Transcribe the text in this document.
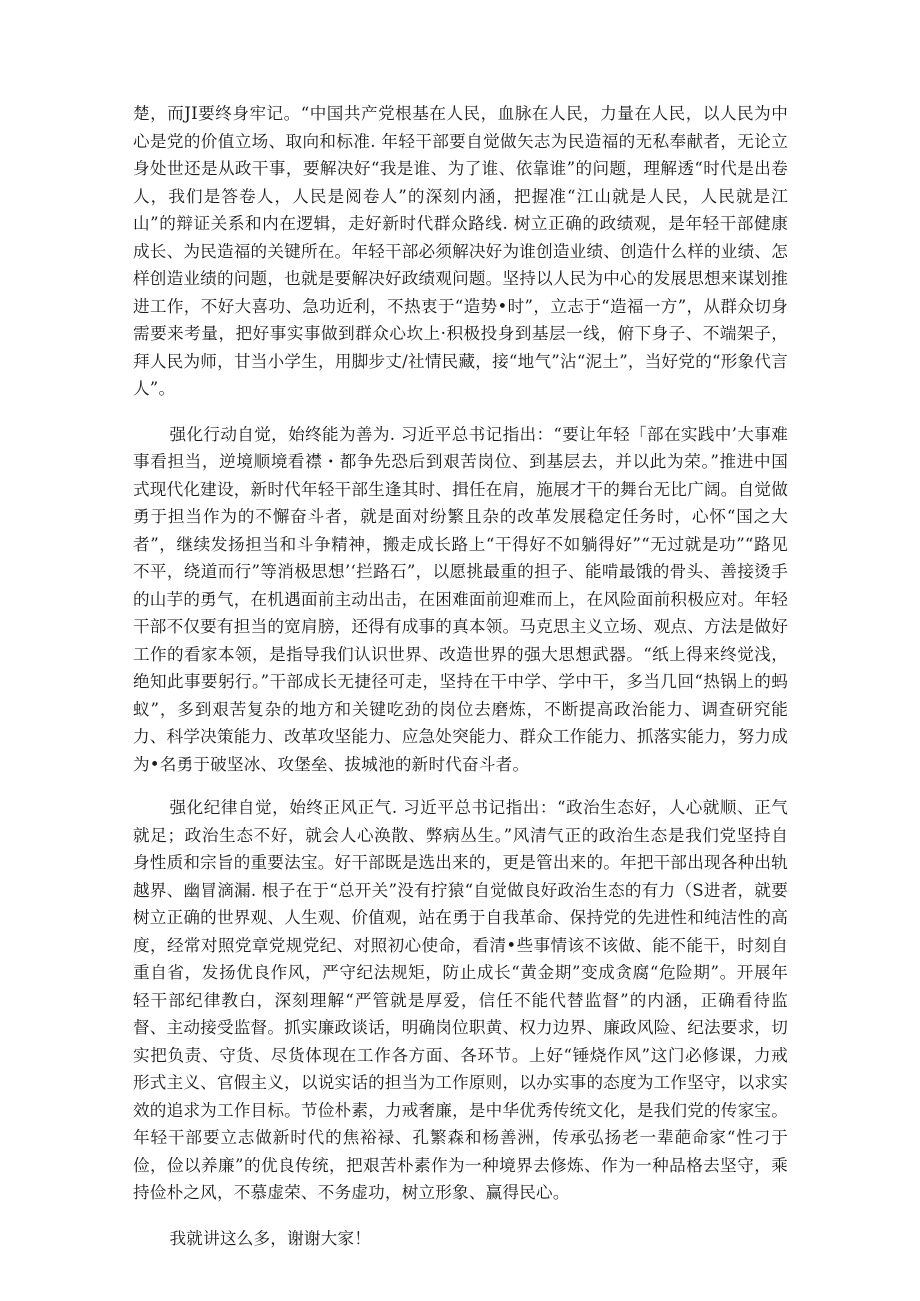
楚，而JI要终身牢记。“中国共产党根基在人民，血脉在人民，力量在人民，以人民为中心是党的价值立场、取向和标准. 年轻干部要自觉做矢志为民造福的无私奉献者，无论立身处世还是从政干事，要解决好“我是谁、为了谁、依靠谁”的问题，理解透“时代是出卷人，我们是答卷人，人民是阅卷人”的深刻内涵，把握准“江山就是人民，人民就是江山”的辩证关系和内在逻辑，走好新时代群众路线. 树立正确的政绩观，是年轻干部健康成长、为民造福的关键所在。年轻干部必须解决好为谁创造业绩、创造什么样的业绩、怎样创造业绩的问题，也就是要解决好政绩观问题。坚持以人民为中心的发展思想来谋划推进工作，不好大喜功、急功近利，不热衷于“造势•时”，立志于“造福一方”，从群众切身需要来考量，把好事实事做到群众心坎上·积极投身到基层一线，俯下身子、不端架子，拜人民为师，甘当小学生，用脚步丈/社情民藏，接“地气”沾“泥土”，当好党的“形象代言人”。

强化行动自觉，始终能为善为. 习近平总书记指出：“要让年轻「部在实践中’大事难事看担当，逆境顺境看襟・都争先恐后到艰苦岗位、到基层去，并以此为荣。”推进中国式现代化建设，新时代年轻干部生逢其时、揖任在肩，施展才干的舞台无比广阔。自觉做勇于担当作为的不懈奋斗者，就是面对纷繁且杂的改革发展稳定任务时，心怀“国之大者”，继续发扬担当和斗争精神，搬走成长路上“干得好不如躺得好”“无过就是功”“路见不平，绕道而行”等消极思想’‘拦路石”，以愿挑最重的担子、能啃最饿的骨头、善接烫手的山芋的勇气，在机遇面前主动出击，在困难面前迎难而上，在风险面前积极应对。年轻干部不仅要有担当的宽肩膀，还得有成事的真本领。马克思主义立场、观点、方法是做好工作的看家本领，是指导我们认识世界、改造世界的强大思想武器。“纸上得来终觉浅，绝知此事要躬行。”干部成长无捷径可走，坚持在干中学、学中干，多当几回“热锅上的蚂蚁”，多到艰苦复杂的地方和关键吃劲的岗位去磨炼，不断提高政治能力、调查研究能力、科学决策能力、改革攻坚能力、应急处突能力、群众工作能力、抓落实能力，努力成为•名勇于破坚冰、攻堡垒、拔城池的新时代奋斗者。

强化纪律自觉，始终正风正气. 习近平总书记指出：“政治生态好，人心就顺、正气就足；政治生态不好，就会人心涣散、弊病丛生。”风清气正的政治生态是我们党坚持自身性质和宗旨的重要法宝。好干部既是选出来的，更是管出来的。年把干部出现各种出轨越界、幽冒滴漏. 根子在于“总开关”没有拧猿“自觉做良好政治生态的有力（S进者，就要树立正确的世界观、人生观、价值观，站在勇于自我革命、保持党的先进性和纯洁性的高度，经常对照党章党规党纪、对照初心使命，看清•些事情该不该做、能不能干，时刻自重自省，发扬优良作风，严守纪法规矩，防止成长“黄金期”变成贪腐“危险期”。开展年轻干部纪律教白，深刻理解“严管就是厚爱，信任不能代替监督”的内涵，正确看待监督、主动接受监督。抓实廉政谈话，明确岗位职黄、权力边界、廉政风险、纪法要求，切实把负责、守货、尽货体现在工作各方面、各环节。上好“锤烧作风”这门必修课，力戒形式主义、官假主义，以说实话的担当为工作原则，以办实事的态度为工作坚守，以求实效的追求为工作目标。节俭朴素，力戒奢廉，是中华优秀传统文化，是我们党的传家宝。年轻干部要立志做新时代的焦裕禄、孔繁森和杨善洲，传承弘扬老一辈葩命家“性刁于俭，俭以养廉”的优良传统，把艰苦朴素作为一种境界去修炼、作为一种品格去坚守，乘持俭朴之风，不慕虚荣、不务虚功，树立形象、赢得民心。

我就讲这么多，谢谢大家！
